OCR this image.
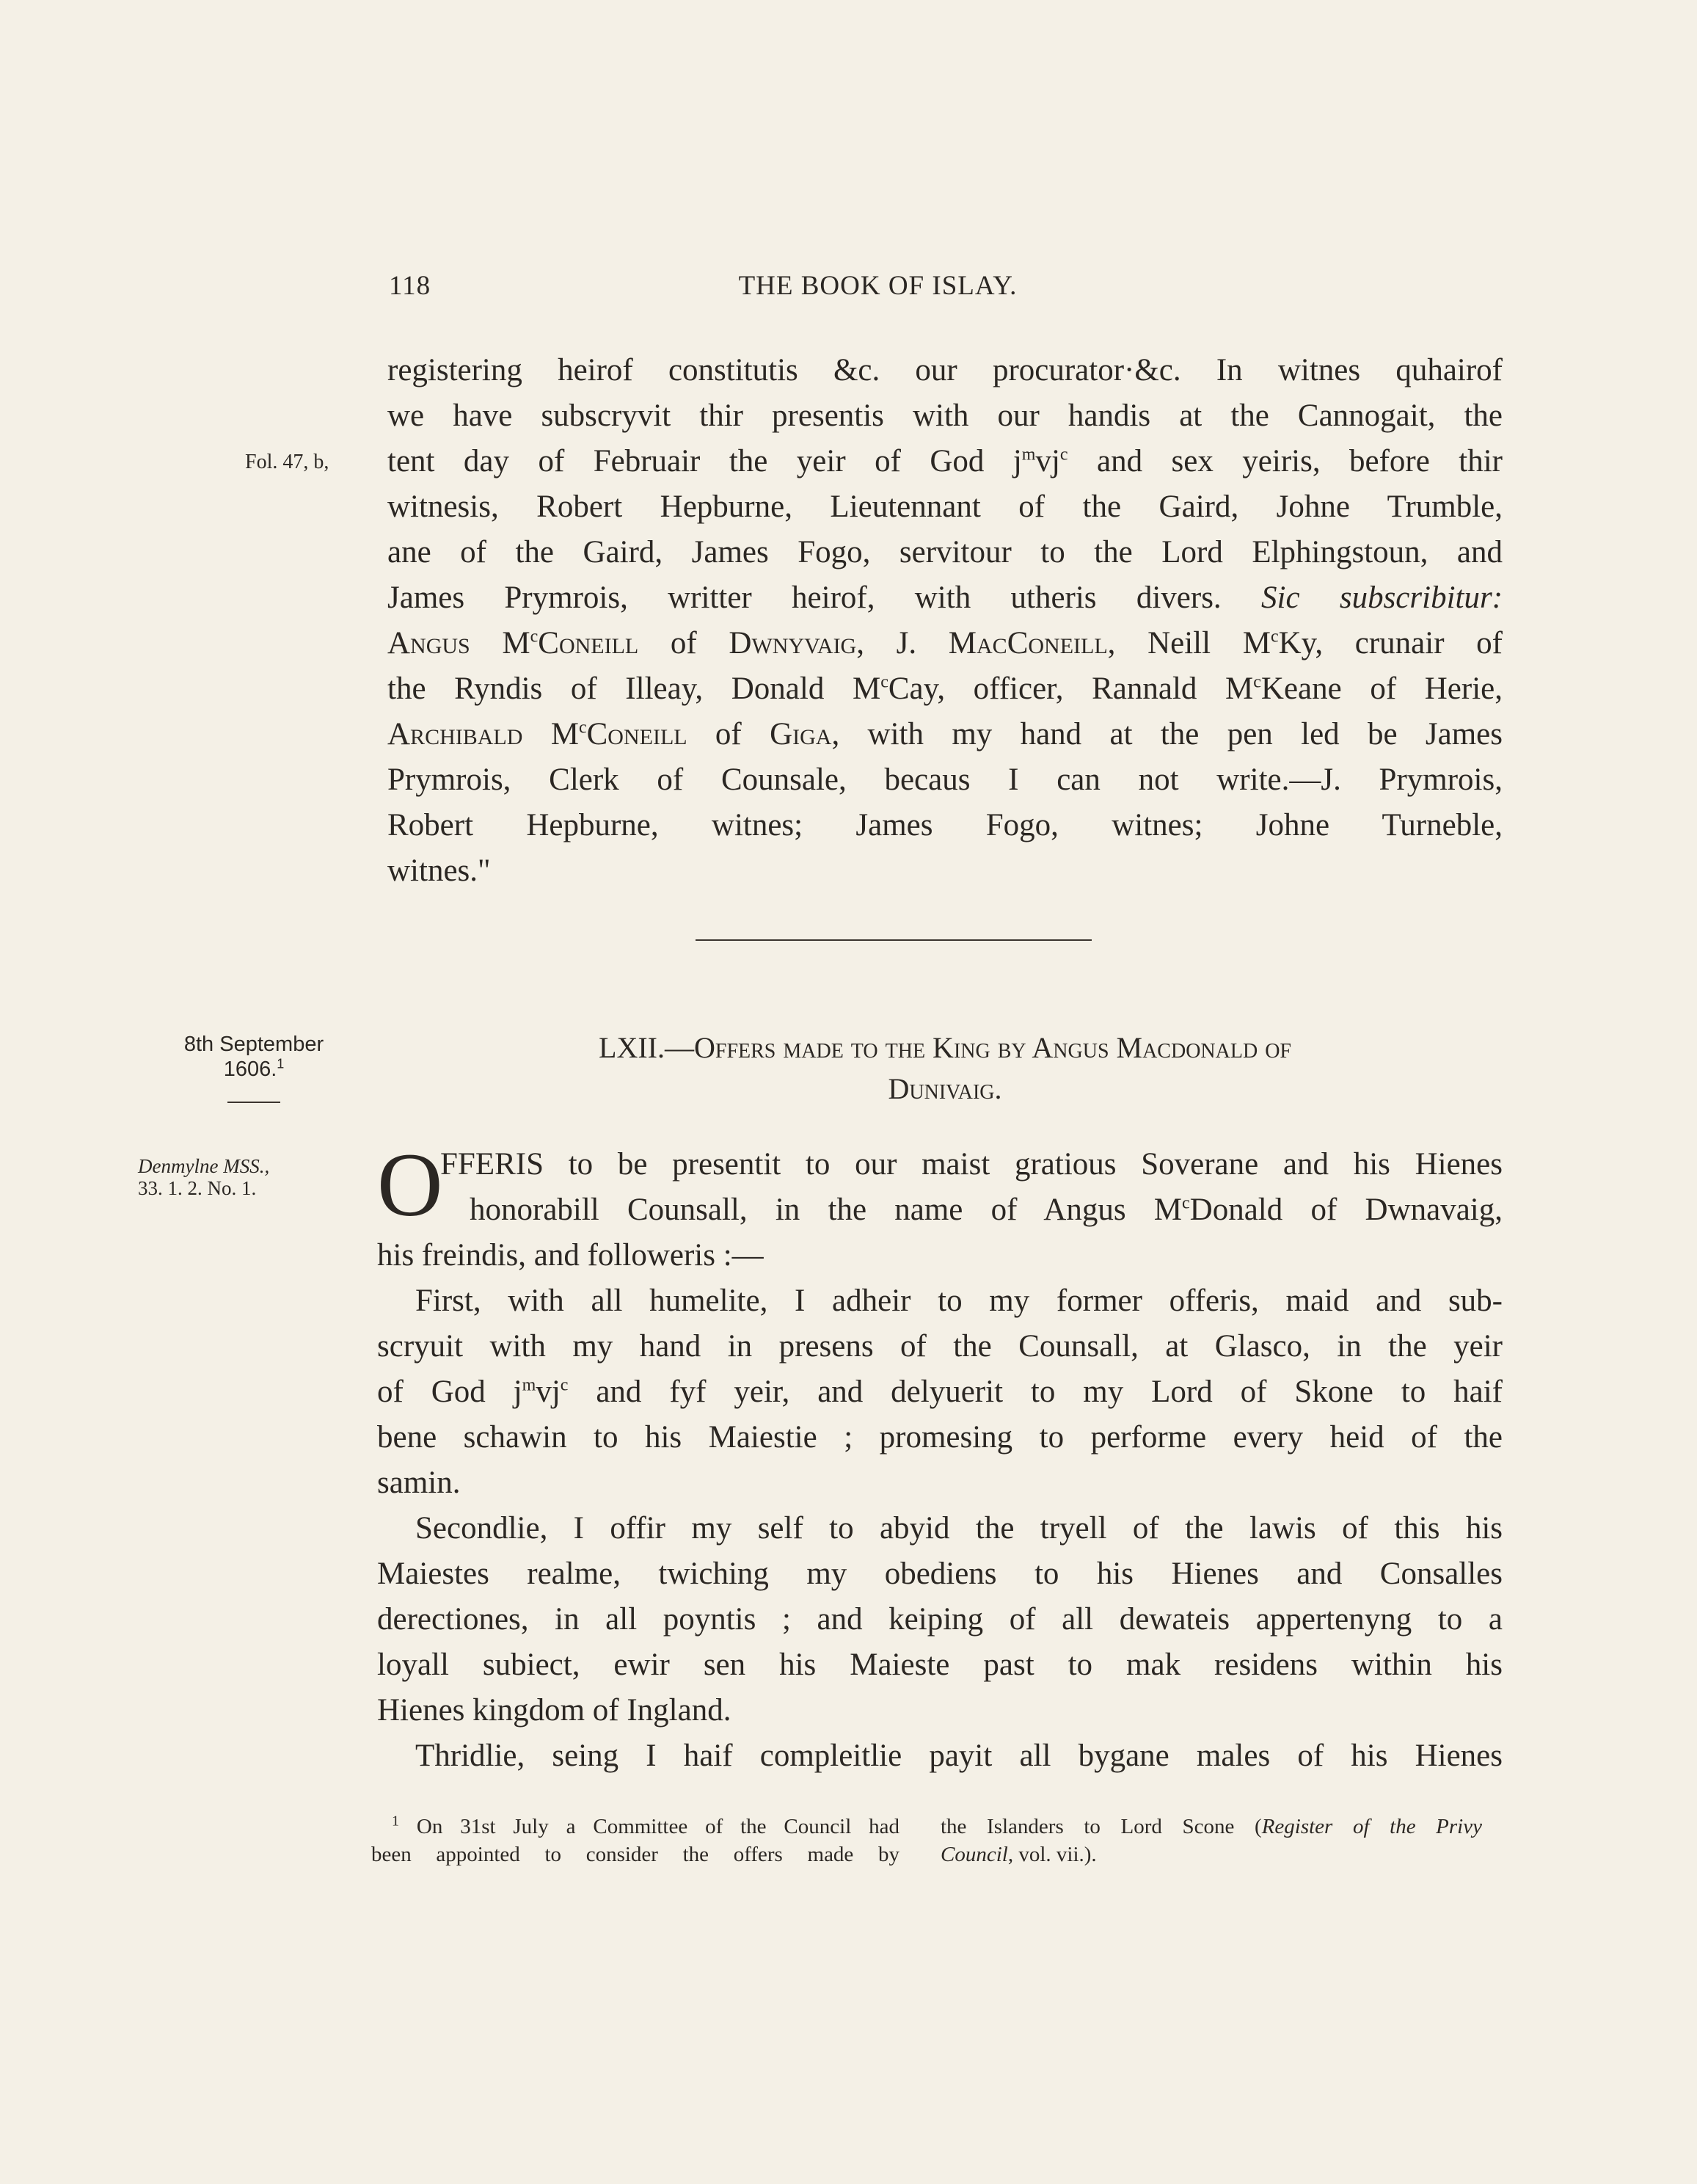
118	THE BOOK OF ISLAY.
registering heirof constitutis &c. our procurator·&c. In witnes quhairof
we have subscryvit thir presentis with our handis at the Cannogait, the
tent day of Februair the yeir of God $j^mvj^c$ and sex yeiris, before thir
witnesis, Robert Hepburne, Lieutennant of the Gaird, Johne Trumble,
ane of the Gaird, James Fogo, servitour to the Lord Elphingstoun, and
James Prymrois, writter heirof, with utheris divers. Sic subscribitur:
Angus $M^cConeill$ of Dwnyvaig, J. MacConeill, Neill $M^cKy$, crunair of
the Ryndis of Illeay, Donald $M^cCay$, officer, Rannald $M^cKeane$ of Herie,
Archibald $M^cConeill$ of Giga, with my hand at the pen led be James
Prymrois, Clerk of Counsale, becaus I can not write.—J. Prymrois,
Robert Hepburne, witnes; James Fogo, witnes; Johne Turneble,
witnes."
Fol. 47, b,
8th September
1606.$^1$
Denmylne MSS.,
33. 1. 2. No. 1.
LXII.—Offers made to the King by Angus Macdonald of
Dunivaig.
O
FFERIS to be presentit to our maist gratious Soverane and his Hienes
honorabill Counsall, in the name of Angus $M^cDonald$ of Dwnavaig,
his freindis, and followeris :—
First, with all humelite, I adheir to my former offeris, maid and sub-
scryuit with my hand in presens of the Counsall, at Glasco, in the yeir
of God $j^mvj^c$ and fyf yeir, and delyuerit to my Lord of Skone to haif
bene schawin to his Maiestie ; promesing to performe every heid of the
samin.
Secondlie, I offir my self to abyid the tryell of the lawis of this his
Maiestes realme, twiching my obediens to his Hienes and Consalles
derectiones, in all poyntis ; and keiping of all dewateis appertenyng to a
loyall subiect, ewir sen his Maieste past to mak residens within his
Hienes kingdom of Ingland.
Thridlie, seing I haif compleitlie payit all bygane males of his Hienes
$^1$ On 31st July a Committee of the Council had
been appointed to consider the offers made by
the Islanders to Lord Scone (Register of the Privy
Council, vol. vii.).
